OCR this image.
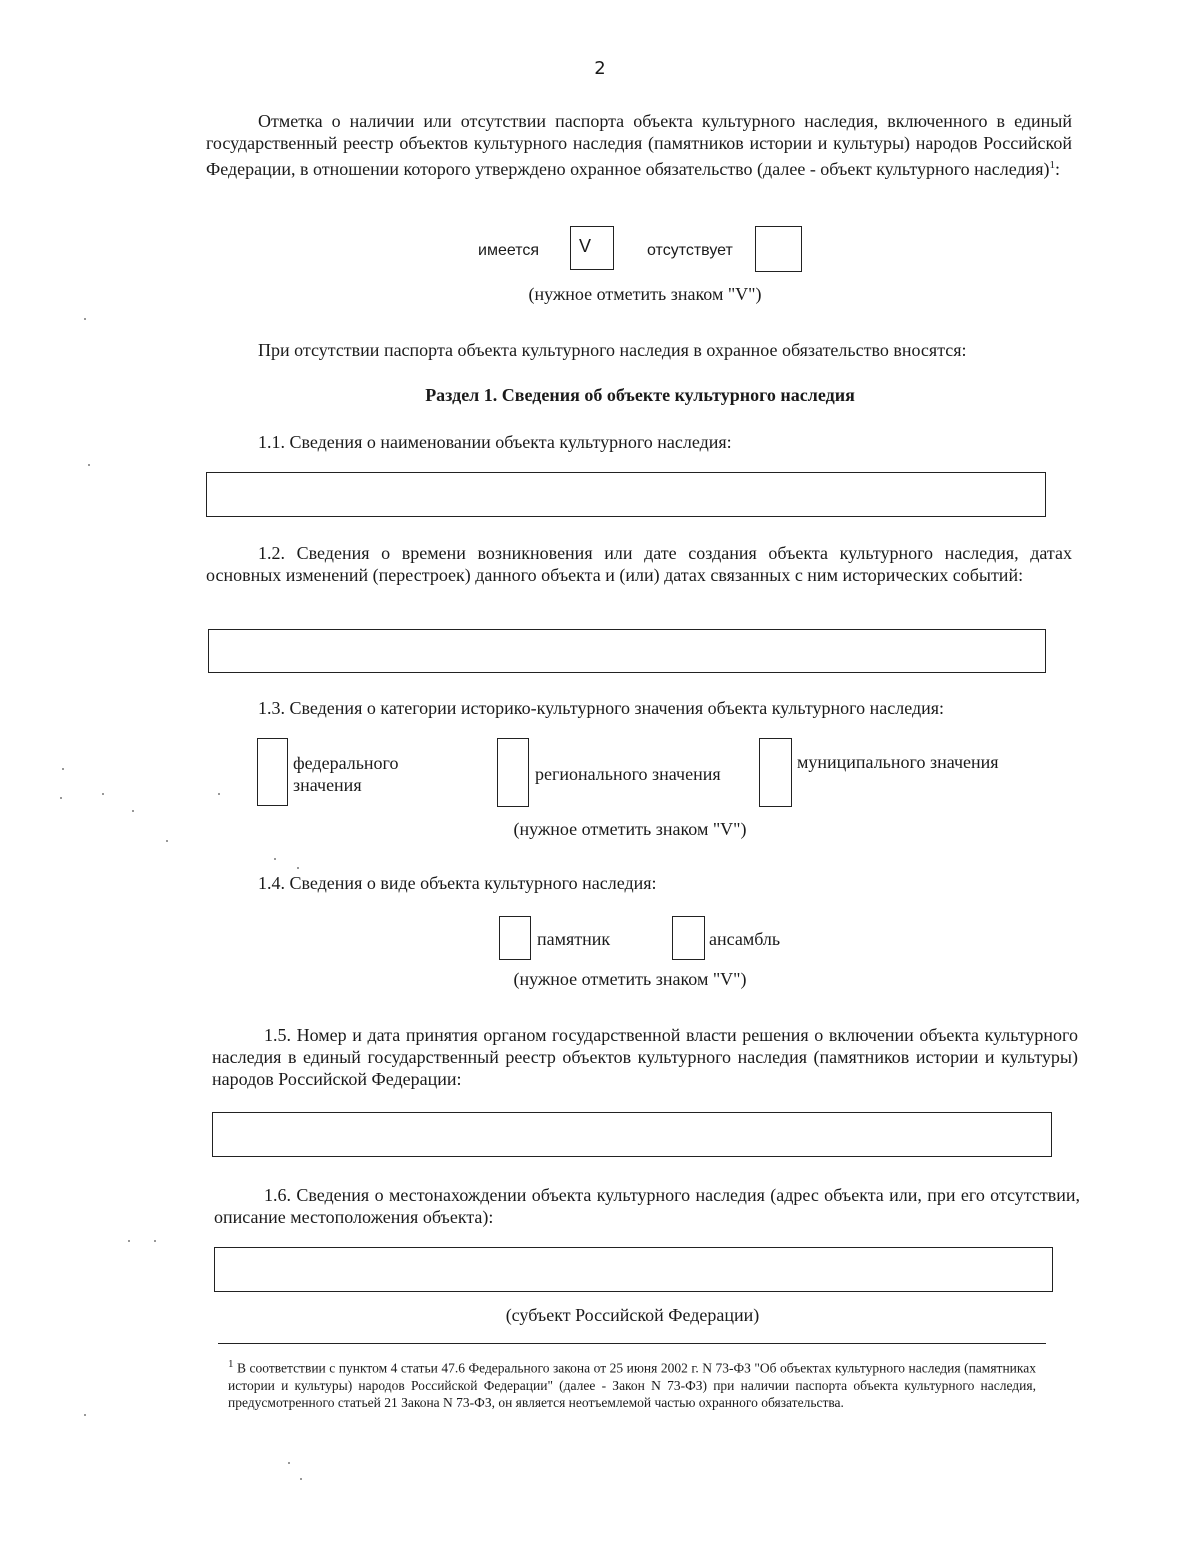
2
Отметка о наличии или отсутствии паспорта объекта культурного наследия, включенного в единый государственный реестр объектов культурного наследия (памятников истории и культуры) народов Российской Федерации, в отношении которого утверждено охранное обязательство (далее - объект культурного наследия)$^1$:
имеется	V	отсутствует
(нужное отметить знаком "V")
При отсутствии паспорта объекта культурного наследия в охранное обязательство вносятся:
Раздел 1. Сведения об объекте культурного наследия
1.1. Сведения о наименовании объекта культурного наследия:
1.2. Сведения о времени возникновения или дате создания объекта культурного наследия, датах основных изменений (перестроек) данного объекта и (или) датах связанных с ним исторических событий:
1.3. Сведения о категории историко-культурного значения объекта культурного наследия:
федерального
значения
регионального значения
муниципального значения
(нужное отметить знаком "V")
1.4. Сведения о виде объекта культурного наследия:
памятник	ансамбль
(нужное отметить знаком "V")
1.5. Номер и дата принятия органом государственной власти решения о включении объекта культурного наследия в единый государственный реестр объектов культурного наследия (памятников истории и культуры) народов Российской Федерации:
1.6. Сведения о местонахождении объекта культурного наследия (адрес объекта или, при его отсутствии, описание местоположения объекта):
(субъект Российской Федерации)
$^1$ В соответствии с пунктом 4 статьи 47.6 Федерального закона от 25 июня 2002 г. N 73-ФЗ "Об объектах культурного наследия (памятниках истории и культуры) народов Российской Федерации" (далее - Закон N 73-ФЗ) при наличии паспорта объекта культурного наследия, предусмотренного статьей 21 Закона N 73-ФЗ, он является неотъемлемой частью охранного обязательства.
